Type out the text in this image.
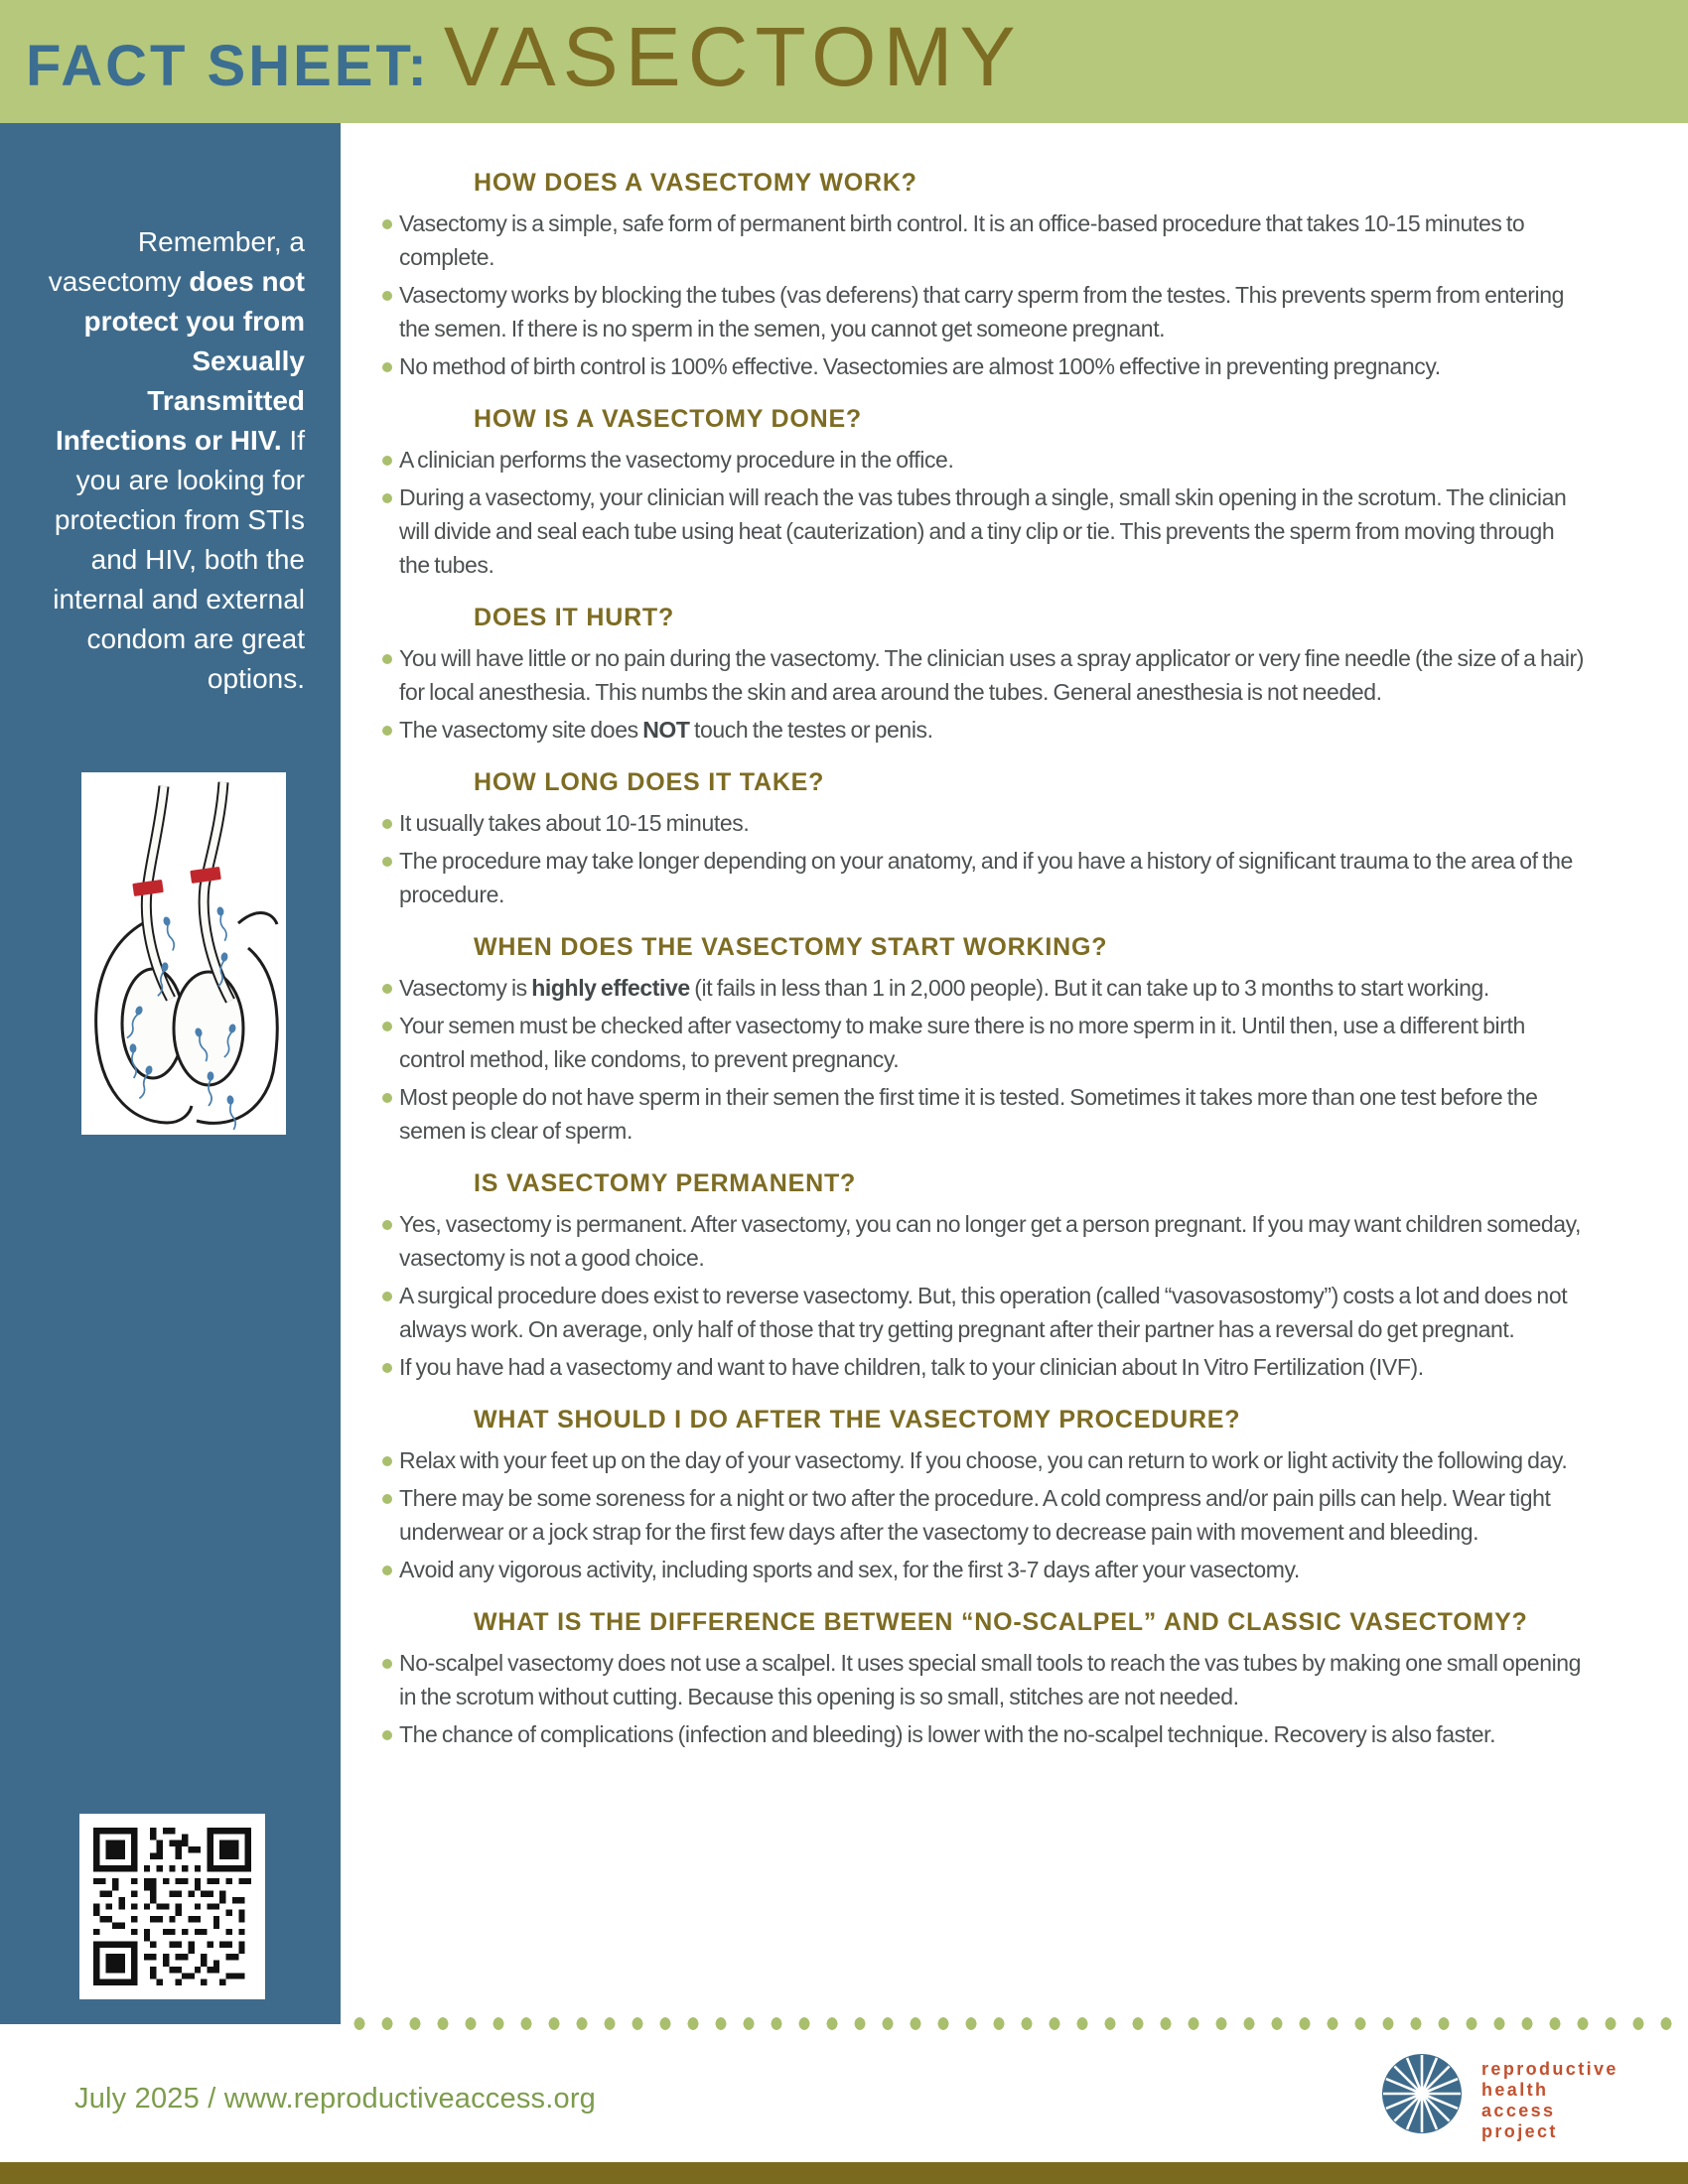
FACT SHEET: VASECTOMY

Remember, a vasectomy does not protect you from Sexually Transmitted Infections or HIV. If you are looking for protection from STIs and HIV, both the internal and external condom are great options.

HOW DOES A VASECTOMY WORK?
Vasectomy is a simple, safe form of permanent birth control. It is an office-based procedure that takes 10-15 minutes to complete.
Vasectomy works by blocking the tubes (vas deferens) that carry sperm from the testes. This prevents sperm from entering the semen. If there is no sperm in the semen, you cannot get someone pregnant.
No method of birth control is 100% effective. Vasectomies are almost 100% effective in preventing pregnancy.
HOW IS A VASECTOMY DONE?
A clinician performs the vasectomy procedure in the office.
During a vasectomy, your clinician will reach the vas tubes through a single, small skin opening in the scrotum. The clinician will divide and seal each tube using heat (cauterization) and a tiny clip or tie. This prevents the sperm from moving through the tubes.
DOES IT HURT?
You will have little or no pain during the vasectomy. The clinician uses a spray applicator or very fine needle (the size of a hair) for local anesthesia. This numbs the skin and area around the tubes. General anesthesia is not needed.
The vasectomy site does NOT touch the testes or penis.
HOW LONG DOES IT TAKE?
It usually takes about 10-15 minutes.
The procedure may take longer depending on your anatomy, and if you have a history of significant trauma to the area of the procedure.
WHEN DOES THE VASECTOMY START WORKING?
Vasectomy is highly effective (it fails in less than 1 in 2,000 people). But it can take up to 3 months to start working.
Your semen must be checked after vasectomy to make sure there is no more sperm in it. Until then, use a different birth control method, like condoms, to prevent pregnancy.
Most people do not have sperm in their semen the first time it is tested. Sometimes it takes more than one test before the semen is clear of sperm.
IS VASECTOMY PERMANENT?
Yes, vasectomy is permanent. After vasectomy, you can no longer get a person pregnant. If you may want children someday, vasectomy is not a good choice.
A surgical procedure does exist to reverse vasectomy. But, this operation (called “vasovasostomy”) costs a lot and does not always work. On average, only half of those that try getting pregnant after their partner has a reversal do get pregnant.
If you have had a vasectomy and want to have children, talk to your clinician about In Vitro Fertilization (IVF).
WHAT SHOULD I DO AFTER THE VASECTOMY PROCEDURE?
Relax with your feet up on the day of your vasectomy. If you choose, you can return to work or light activity the following day.
There may be some soreness for a night or two after the procedure. A cold compress and/or pain pills can help. Wear tight underwear or a jock strap for the first few days after the vasectomy to decrease pain with movement and bleeding.
Avoid any vigorous activity, including sports and sex, for the first 3-7 days after your vasectomy.
WHAT IS THE DIFFERENCE BETWEEN “NO-SCALPEL” AND CLASSIC VASECTOMY?
No-scalpel vasectomy does not use a scalpel. It uses special small tools to reach the vas tubes by making one small opening in the scrotum without cutting. Because this opening is so small, stitches are not needed.
The chance of complications (infection and bleeding) is lower with the no-scalpel technique. Recovery is also faster.
July 2025 / www.reproductiveaccess.org
reproductive
health
access
project
